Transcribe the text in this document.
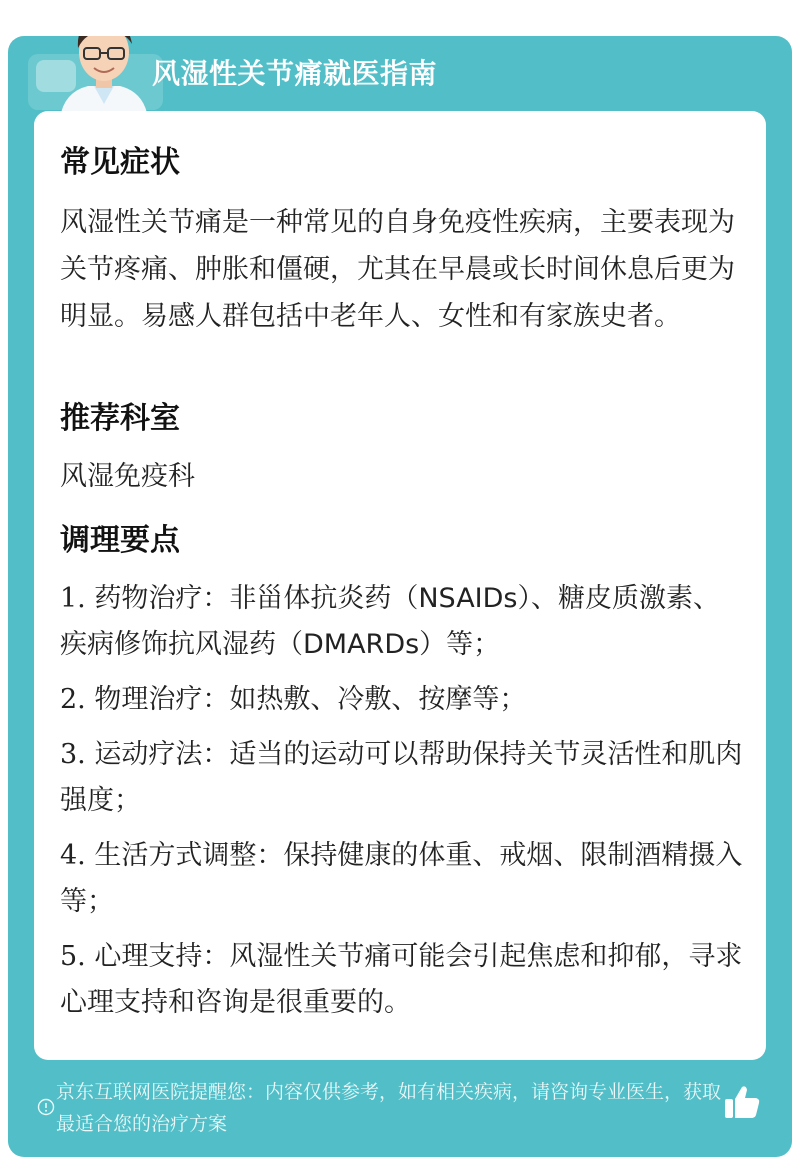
风湿性关节痛就医指南
常见症状
风湿性关节痛是一种常见的自身免疫性疾病，主要表现为关节疼痛、肿胀和僵硬，尤其在早晨或长时间休息后更为明显。易感人群包括中老年人、女性和有家族史者。
推荐科室
风湿免疫科
调理要点
1. 药物治疗：非甾体抗炎药（NSAIDs）、糖皮质激素、疾病修饰抗风湿药（DMARDs）等；
2. 物理治疗：如热敷、冷敷、按摩等；
3. 运动疗法：适当的运动可以帮助保持关节灵活性和肌肉强度；
4. 生活方式调整：保持健康的体重、戒烟、限制酒精摄入等；
5. 心理支持：风湿性关节痛可能会引起焦虑和抑郁，寻求心理支持和咨询是很重要的。
京东互联网医院提醒您：内容仅供参考，如有相关疾病，请咨询专业医生，获取最适合您的治疗方案
